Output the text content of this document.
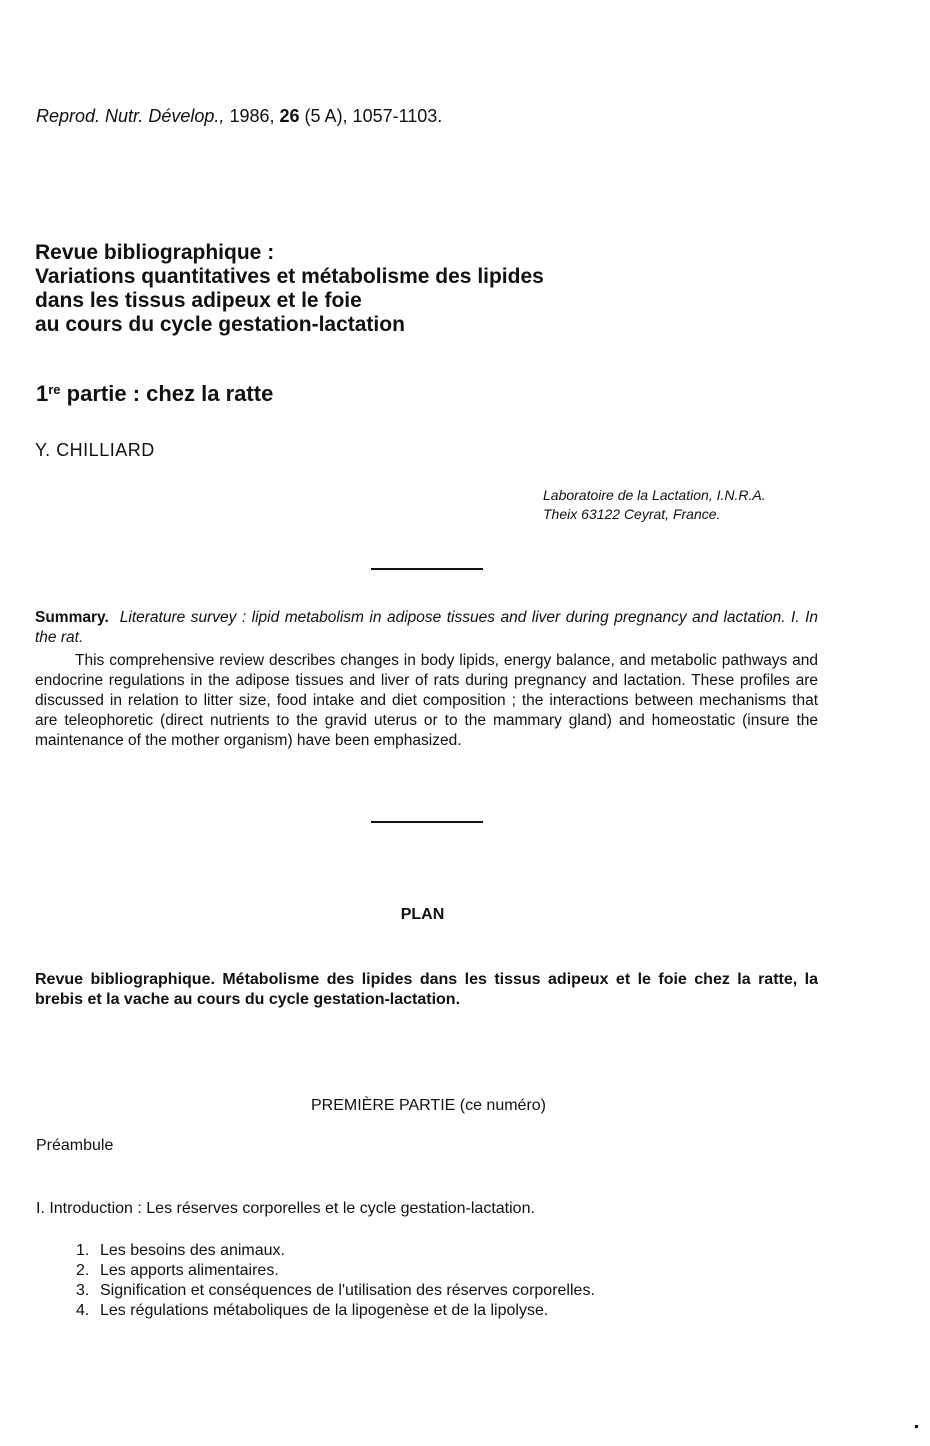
Reprod. Nutr. Dévelop., 1986, 26 (5 A), 1057-1103.
Revue bibliographique :
Variations quantitatives et métabolisme des lipides
dans les tissus adipeux et le foie
au cours du cycle gestation-lactation
1re partie : chez la ratte
Y. CHILLIARD
Laboratoire de la Lactation, I.N.R.A.
Theix 63122 Ceyrat, France.

Summary. Literature survey : lipid metabolism in adipose tissues and liver during pregnancy and lactation. I. In the rat.

This comprehensive review describes changes in body lipids, energy balance, and metabolic pathways and endocrine regulations in the adipose tissues and liver of rats during pregnancy and lactation. These profiles are discussed in relation to litter size, food intake and diet composition ; the interactions between mechanisms that are teleophoretic (direct nutrients to the gravid uterus or to the mammary gland) and homeostatic (insure the maintenance of the mother organism) have been emphasized.

PLAN
Revue bibliographique. Métabolisme des lipides dans les tissus adipeux et le foie chez la ratte, la brebis et la vache au cours du cycle gestation-lactation.
PREMIÈRE PARTIE (ce numéro)
Préambule
I. Introduction : Les réserves corporelles et le cycle gestation-lactation.
1. Les besoins des animaux.
2. Les apports alimentaires.
3. Signification et conséquences de l'utilisation des réserves corporelles.
4. Les régulations métaboliques de la lipogenèse et de la lipolyse.
